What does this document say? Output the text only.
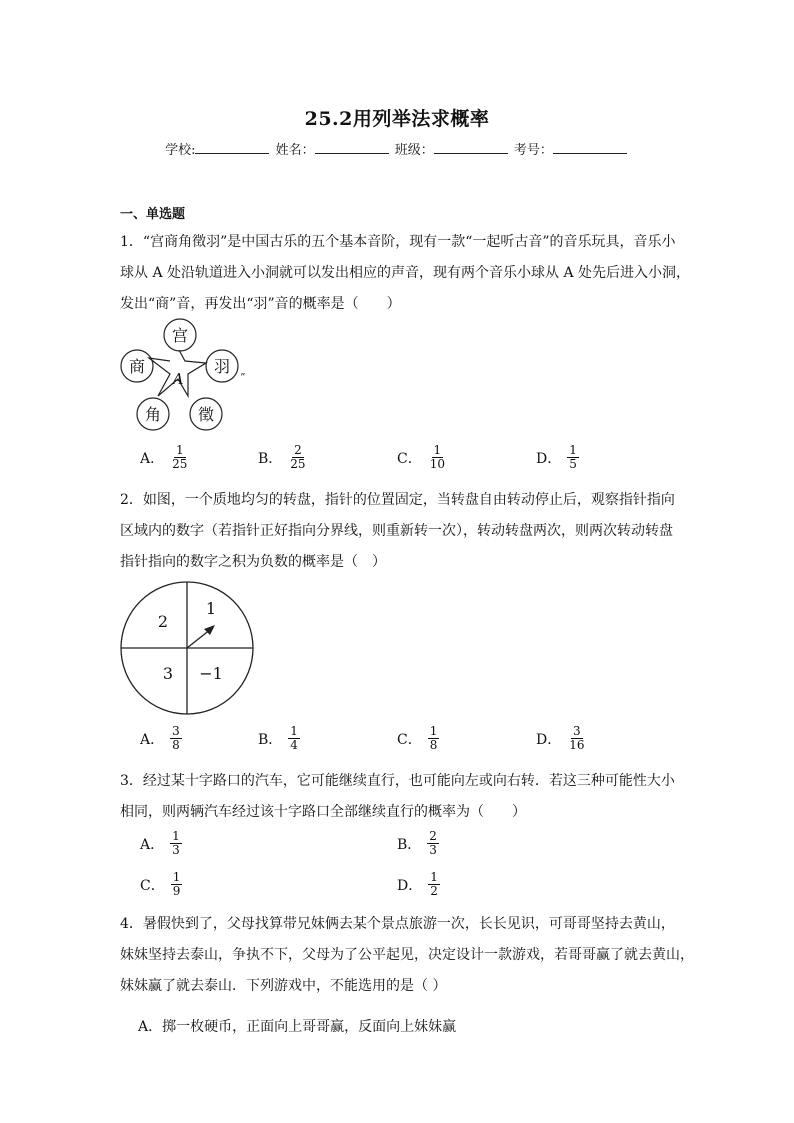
25.2用列举法求概率
学校:	姓名：	班级：	考号：
一、单选题
1．“宫商角徵羽”是中国古乐的五个基本音阶，现有一款“一起听古音”的音乐玩具，音乐小
球从 A 处沿轨道进入小洞就可以发出相应的声音，现有两个音乐小球从 A 处先后进入小洞，
发出“商”音，再发出“羽”音的概率是（　　）
宫
商	羽
角 徵
A	„
A． $\frac{1}{25}$	B． $\frac{2}{25}$	C． $\frac{1}{10}$	D． $\frac{1}{5}$
2．如图，一个质地均匀的转盘，指针的位置固定，当转盘自由转动停止后，观察指针指向
区域内的数字（若指针正好指向分界线，则重新转一次），转动转盘两次，则两次转动转盘
指针指向的数字之积为负数的概率是（　）
1
2
3 −1
A． $\frac{3}{8}$	B． $\frac{1}{4}$	C． $\frac{1}{8}$	D． $\frac{3}{16}$
3．经过某十字路口的汽车，它可能继续直行，也可能向左或向右转．若这三种可能性大小
相同，则两辆汽车经过该十字路口全部继续直行的概率为（　　）
A． $\frac{1}{3}$	B． $\frac{2}{3}$
C． $\frac{1}{9}$	D． $\frac{1}{2}$
4．暑假快到了，父母找算带兄妹俩去某个景点旅游一次，长长见识，可哥哥坚持去黄山，
妹妹坚持去泰山，争执不下，父母为了公平起见，决定设计一款游戏，若哥哥赢了就去黄山，
妹妹赢了就去泰山．下列游戏中，不能选用的是（ ）
A．掷一枚硬币，正面向上哥哥赢，反面向上妹妹赢
